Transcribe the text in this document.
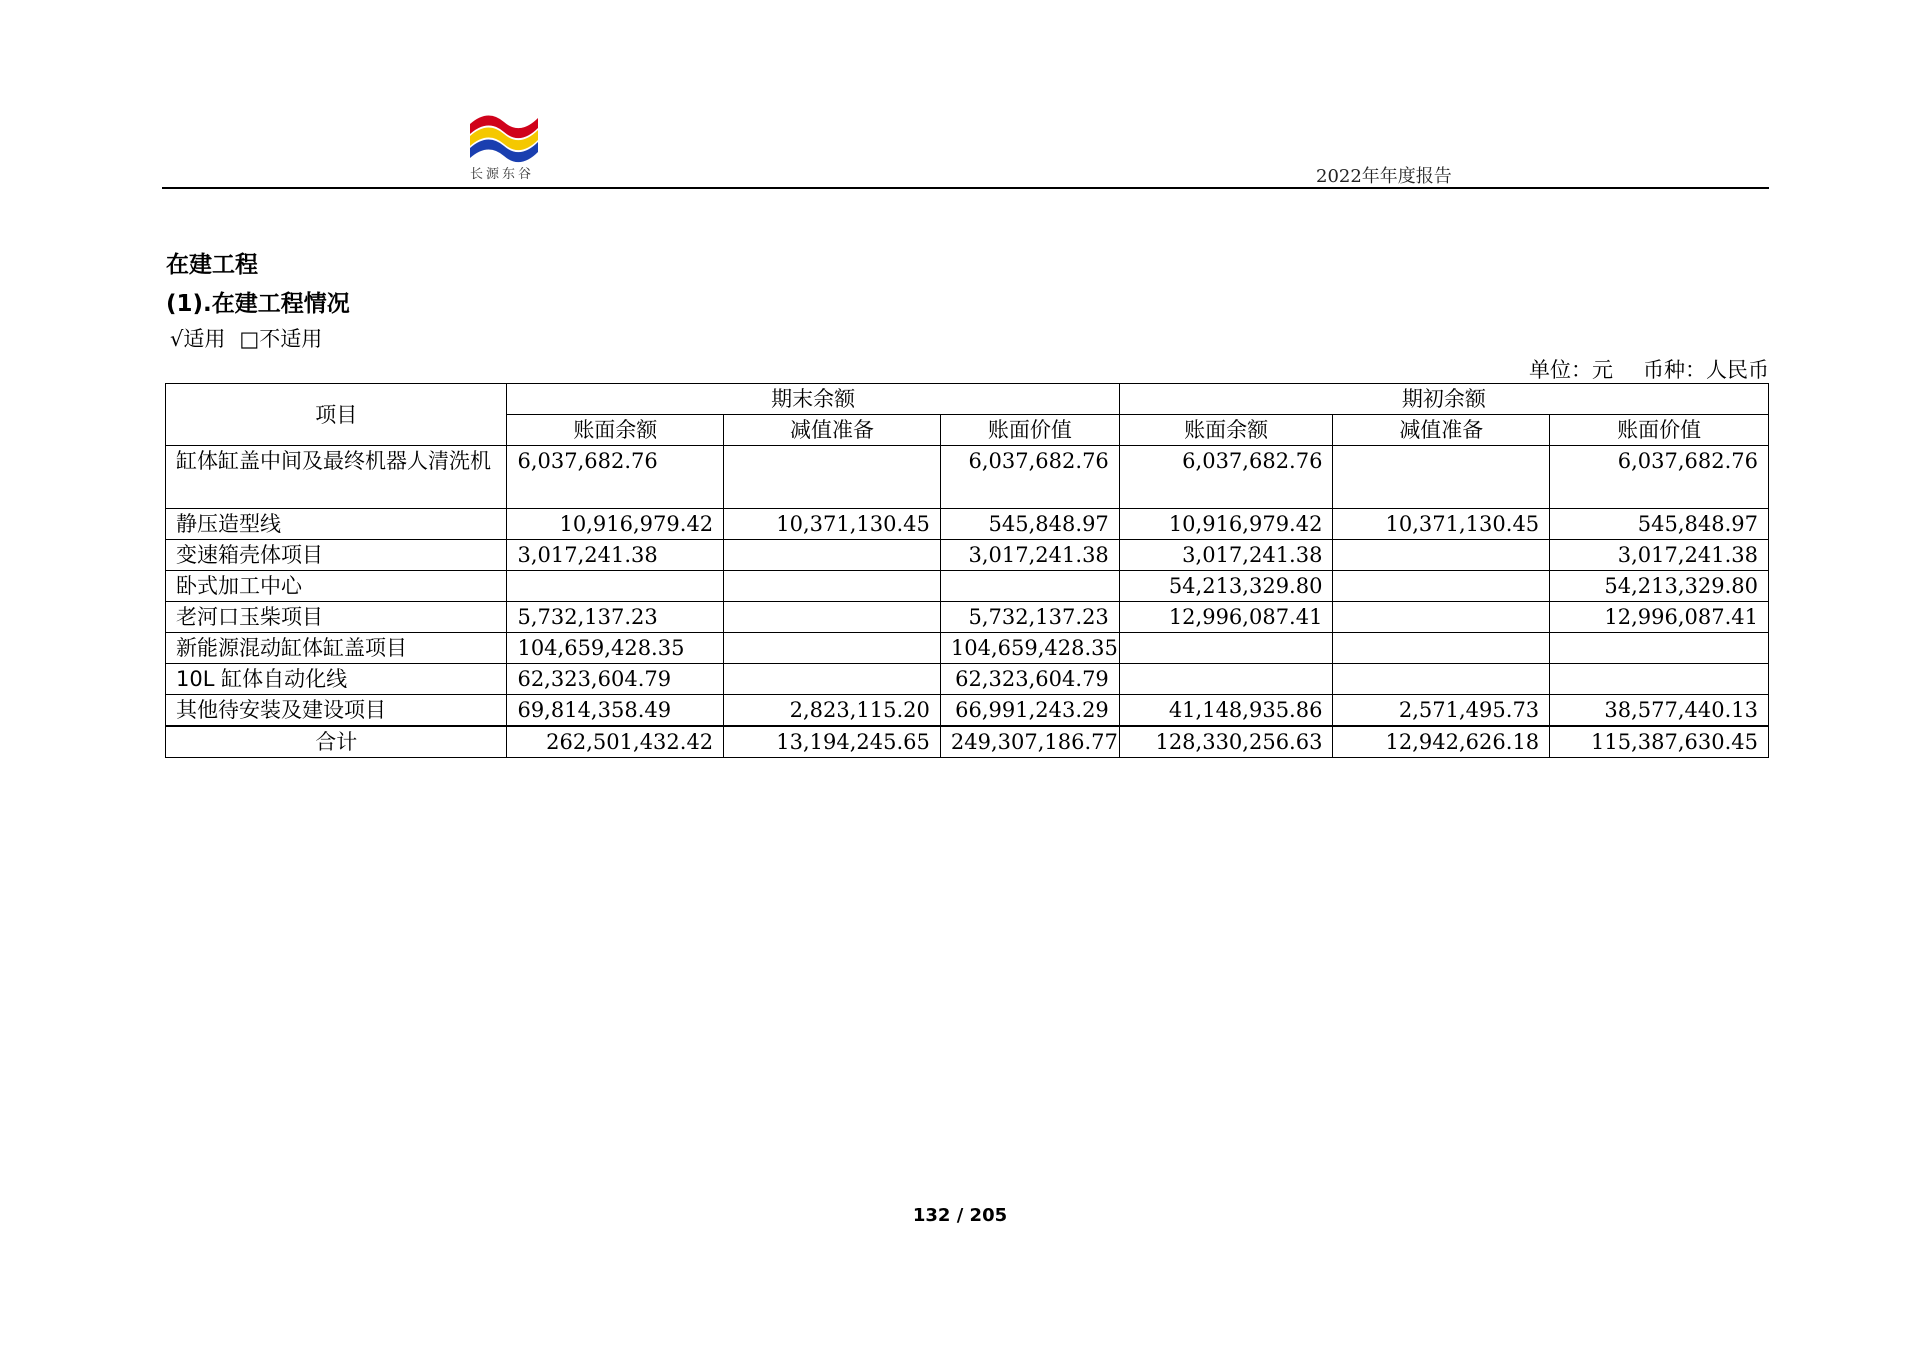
长源东谷	2022年年度报告
在建工程
(1).在建工程情况
√适用 □不适用
单位：元 币种：人民币
项目	期末余额			期初余额		
	账面余额	减值准备	账面价值	账面余额	减值准备	账面价值
缸体缸盖中间及最终机器人清洗机	6,037,682.76		6,037,682.76	6,037,682.76		6,037,682.76
静压造型线	10,916,979.42	10,371,130.45	545,848.97	10,916,979.42	10,371,130.45	545,848.97
变速箱壳体项目	3,017,241.38		3,017,241.38	3,017,241.38		3,017,241.38
卧式加工中心				54,213,329.80		54,213,329.80
老河口玉柴项目	5,732,137.23		5,732,137.23	12,996,087.41		12,996,087.41
新能源混动缸体缸盖项目	104,659,428.35		104,659,428.35			
10L 缸体自动化线	62,323,604.79		62,323,604.79			
其他待安装及建设项目	69,814,358.49	2,823,115.20	66,991,243.29	41,148,935.86	2,571,495.73	38,577,440.13
合计	262,501,432.42	13,194,245.65	249,307,186.77	128,330,256.63	12,942,626.18	115,387,630.45
132 / 205
